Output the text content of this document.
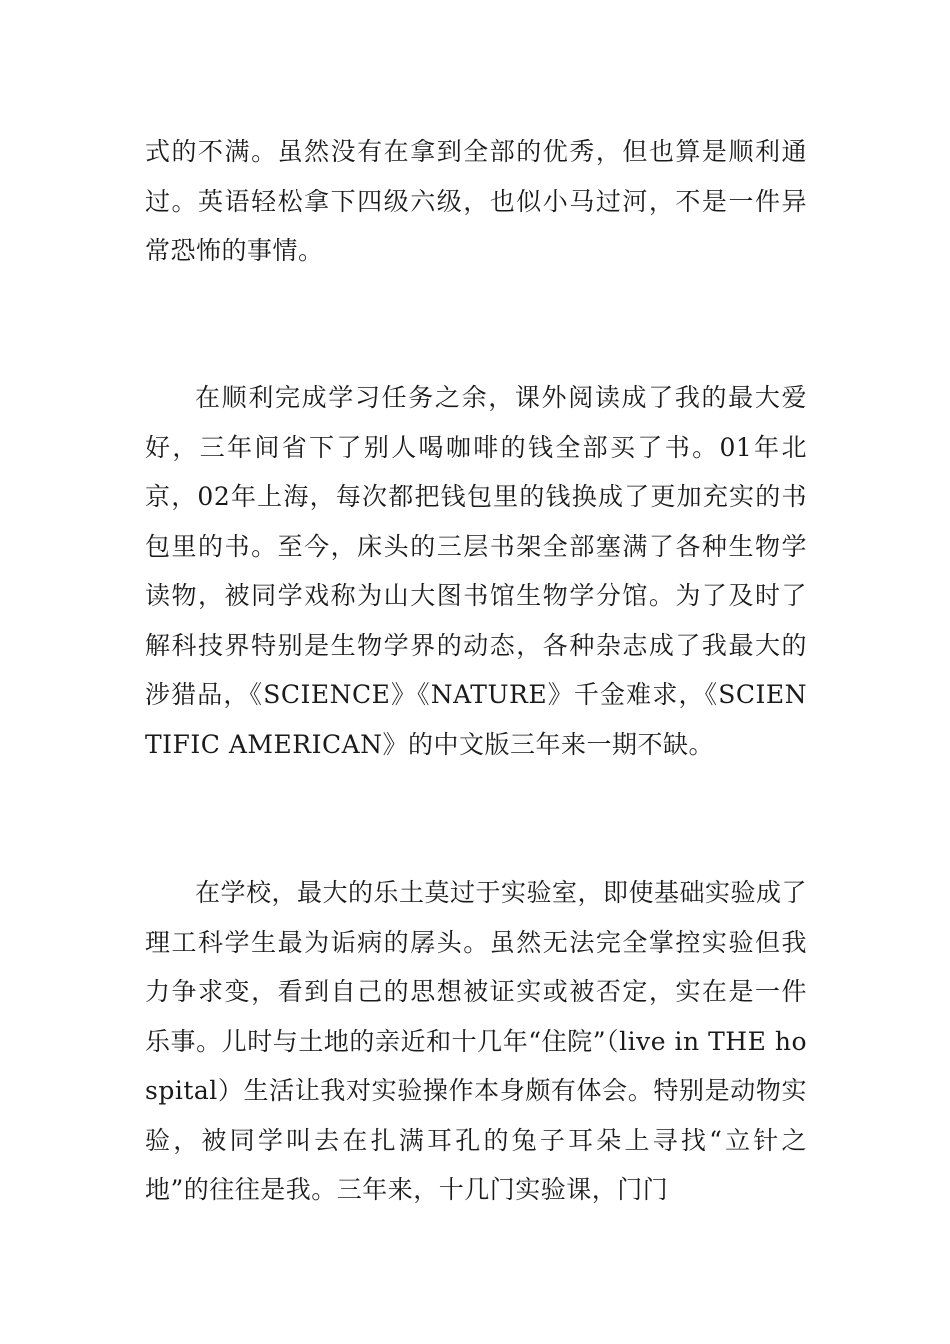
式的不满。虽然没有在拿到全部的优秀，但也算是顺利通过。英语轻松拿下四级六级，也似小马过河，不是一件异常恐怖的事情。

在顺利完成学习任务之余，课外阅读成了我的最大爱好，三年间省下了别人喝咖啡的钱全部买了书。01年北京，02年上海，每次都把钱包里的钱换成了更加充实的书包里的书。至今，床头的三层书架全部塞满了各种生物学读物，被同学戏称为山大图书馆生物学分馆。为了及时了解科技界特别是生物学界的动态，各种杂志成了我最大的涉猎品，《SCIENCE》《NATURE》千金难求，《SCIENTIFIC AMERICAN》的中文版三年来一期不缺。

在学校，最大的乐土莫过于实验室，即使基础实验成了理工科学生最为诟病的孱头。虽然无法完全掌控实验但我力争求变，看到自己的思想被证实或被否定，实在是一件乐事。儿时与土地的亲近和十几年“住院”（live in THE hospital）生活让我对实验操作本身颇有体会。特别是动物实验，被同学叫去在扎满耳孔的兔子耳朵上寻找“立针之地”的往往是我。三年来，十几门实验课，门门
